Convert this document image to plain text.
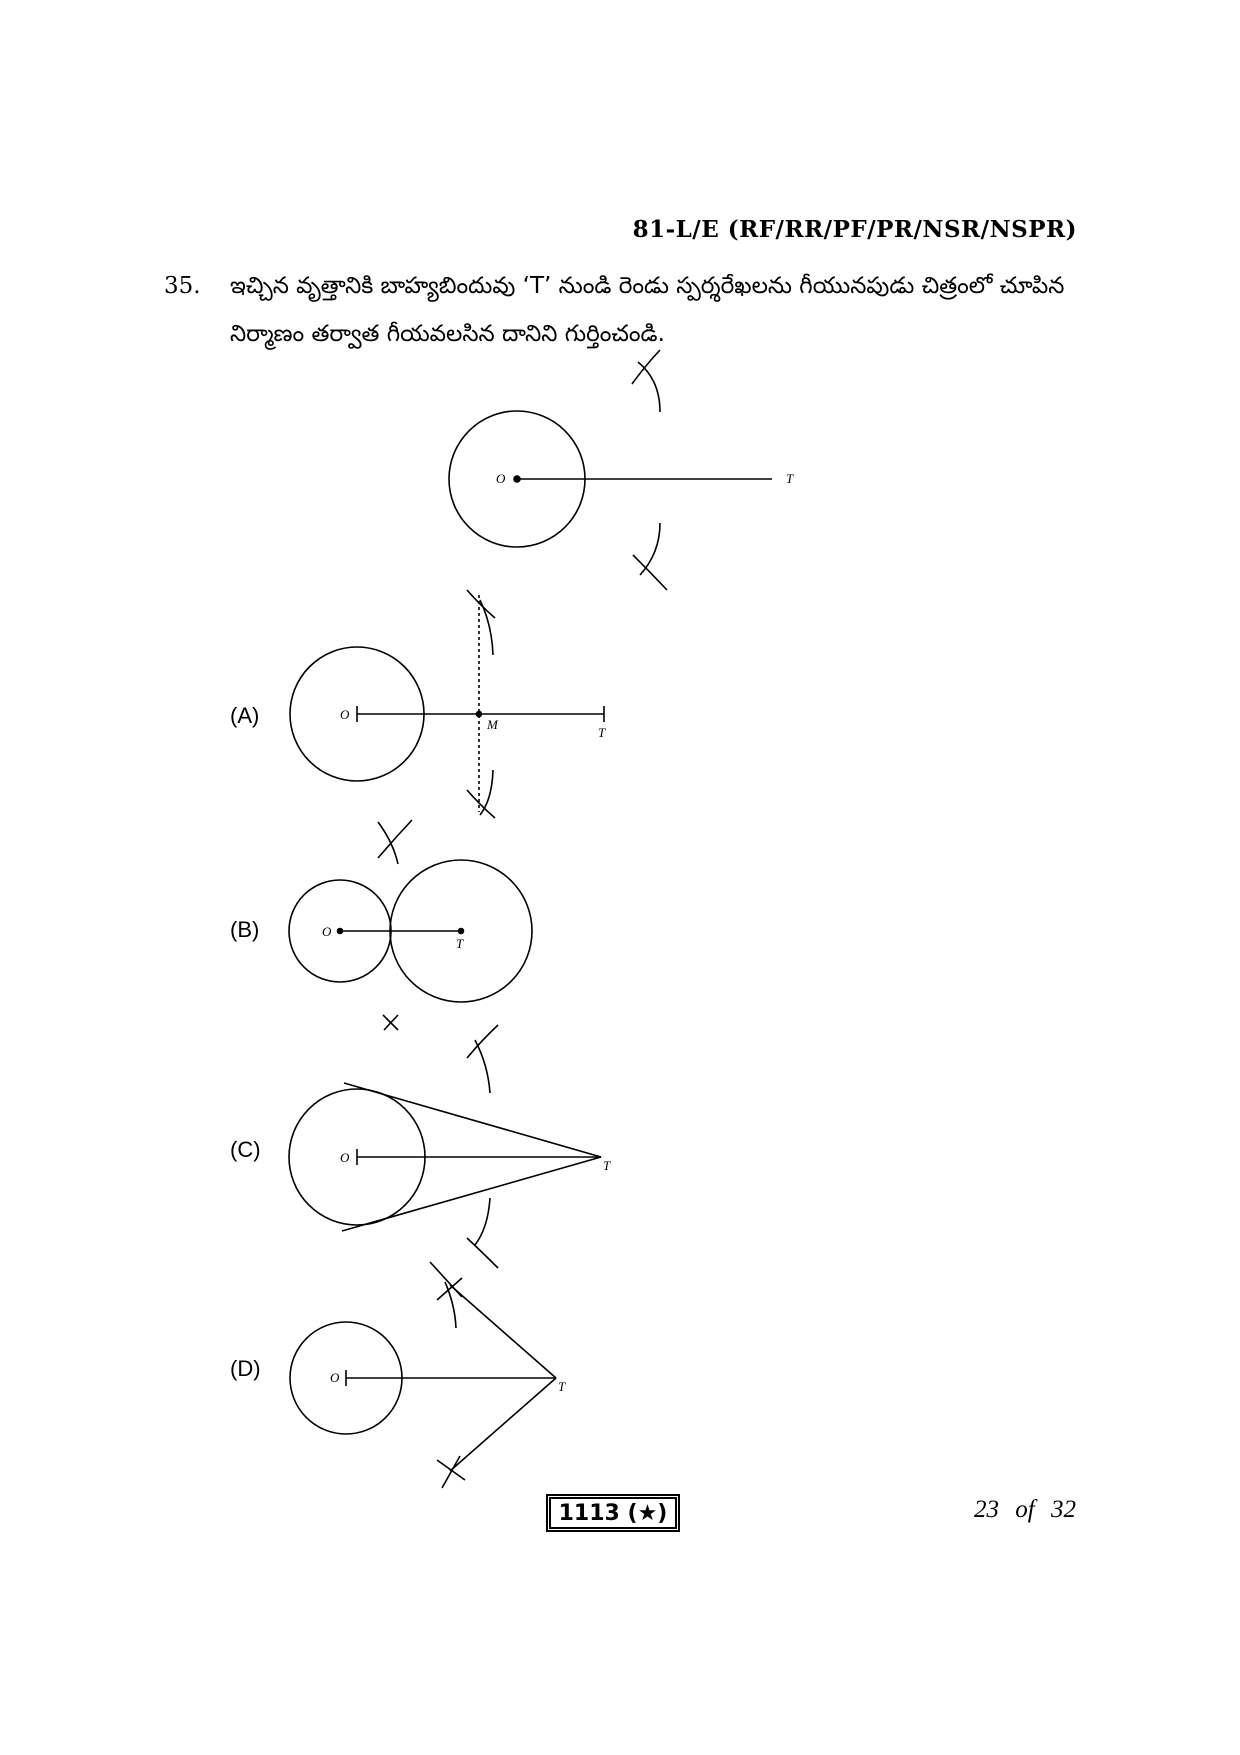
81-L/E (RF/RR/PF/PR/NSR/NSPR)
35. ఇచ్చిన వృత్తానికి బాహ్యబిందువు ‘T’ నుండి రెండు స్పర్శరేఖలను గీయునపుడు చిత్రంలో చూపిన నిర్మాణం తర్వాత గీయవలసిన దానిని గుర్తించండి.
O	T
O
M
T
O
T
O
T
O
T
(A)
(B)
(C)
(D)
1113 (★)	23 of 32
